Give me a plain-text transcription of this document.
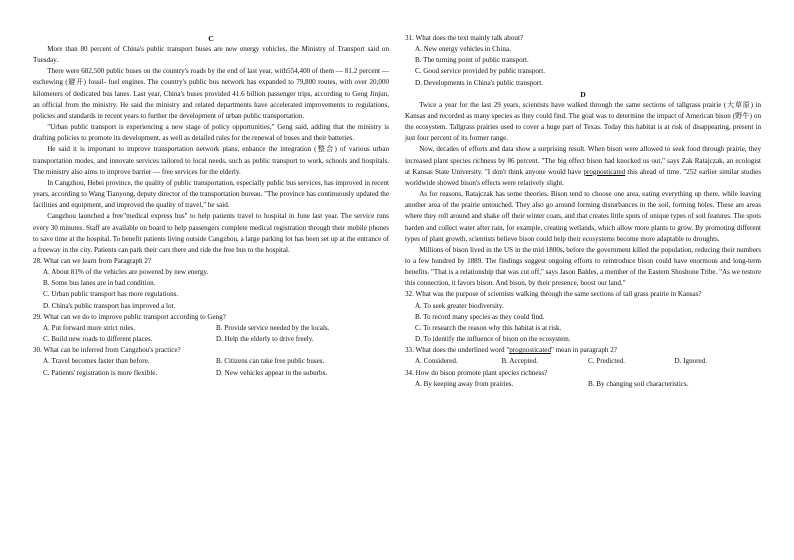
C

More than 80 percent of China's public transport buses are new energy vehicles, the Ministry of Transport said on Tuesday.

There were 682,500 public buses on the country's roads by the end of last year, with554,400 of them — 81.2 percent — eschewing (避开) fossil- fuel engines. The country's public bus network has expanded to 79,800 routes, with over 20,000 kilometers of dedicated bus lanes. Last year, China's buses provided 41.6 billion passenger trips, according to Geng Jinjun, an official from the ministry. He said the ministry and related departments have accelerated improvements to regulations, policies and standards in recent years to further the development of urban public transportation.

"Urban public transport is experiencing a new stage of policy opportunities," Geng said, adding that the ministry is drafting policies to promote its development, as well as detailed rules for the renewal of buses and their batteries.

He said it is important to improve transportation network plans, enhance the integration (整合) of various urban transportation modes, and innovate services tailored to local needs, such as public transport to work, schools and hospitals. The ministry also aims to improve barrier — free services for the elderly.

In Cangzhou, Hebei province, the quality of public transportation, especially public bus services, has improved in recent years, according to Wang Tianyong, deputy director of the transportation bureau. "The province has continuously updated the facilities and equipment, and improved the quality of travel," he said.

Cangzhou launched a free"medical express bus" to help patients travel to hospital in June last year. The service runs every 30 minutes. Staff are available on board to help passengers complete medical registration through their mobile phones to save time at the hospital. To benefit patients living outside Cangzhou, a large parking lot has been set up at the entrance of a freeway in the city. Patients can park their cars there and ride the free bus to the hospital.

28. What can we learn from Paragraph 2?
A. About 81% of the vehicles are powered by new energy.
B. Some bus lanes are in bad condition.
C. Urban public transport has more regulations.
D. China's public transport has improved a lot.
29. What can we do to improve public transport according to Geng?
A. Put forward more strict rules.	B. Provide service needed by the locals.
C. Build new roads to different places.	D. Help the elderly to drive freely.
30. What can be inferred from Cangzhou's practice?
A. Travel becomes faster than before.	B. Citizens can take free public buses.
C. Patients' registration is more flexible.	D. New vehicles appear in the suburbs.
31. What does the text mainly talk about?
A. New energy vehicles in China.
B. The turning point of public transport.
C. Good service provided by public transport.
D. Developments in China's public transport.
D

Twice a year for the last 29 years, scientists have walked through the same sections of tallgrass prairie (大草原) in Kansas and recorded as many species as they could find. The goal was to determine the impact of American bison (野牛) on the ecosystem. Tallgrass prairies used to cover a huge part of Texas. Today this habitat is at risk of disappearing, present in just four percent of its former range.

Now, decades of efforts and data show a surprising result. When bison were allowed to seek food through prairie, they increased plant species richness by 86 percent. "The big effect bison had knocked us out," says Zak Ratajczak, an ecologist at Kansas State University. "I don't think anyone would have prognosticated this ahead of time. "252 earlier similar studies worldwide showed bison's effects were relatively slight.

As for reasons, Ratajczak has some theories. Bison tend to choose one area, eating everything up there, while leaving another area of the prairie untouched. They also go around forming disturbances in the soil, forming holes. These are areas where they roll around and shake off their winter coats, and that creates little spots of unique types of soil features. The spots harden and collect water after rain, for example, creating wetlands, which allow more plants to grow. By promoting different types of plant growth, scientists believe bison could help their ecosystems become more adaptable to droughts.

Millions of bison lived in the US in the mid 1800s, before the government killed the population, reducing their numbers to a few hundred by 1889. The findings suggest ongoing efforts to reintroduce bison could have enormous and long-term benefits. "That is a relationship that was cut off," says Jason Baldes, a member of the Eastern Shoshone Tribe. "As we restore this connection, it favors bison. And bison, by their presence, boost our land."

32. What was the purpose of scientists walking through the same sections of tall grass prairie in Kansas?
A. To seek greater biodiversity.
B. To record many species as they could find.
C. To research the reason why this habitat is at risk.
D. To identify the influence of bison on the ecosystem.
33. What does the underlined word "prognosticated" mean in paragraph 2?
A. Considered.	B. Accepted.	C. Predicted.	D. Ignored.
34. How do bison promote plant species richness?
A. By keeping away from prairies.	B. By changing soil characteristics.
